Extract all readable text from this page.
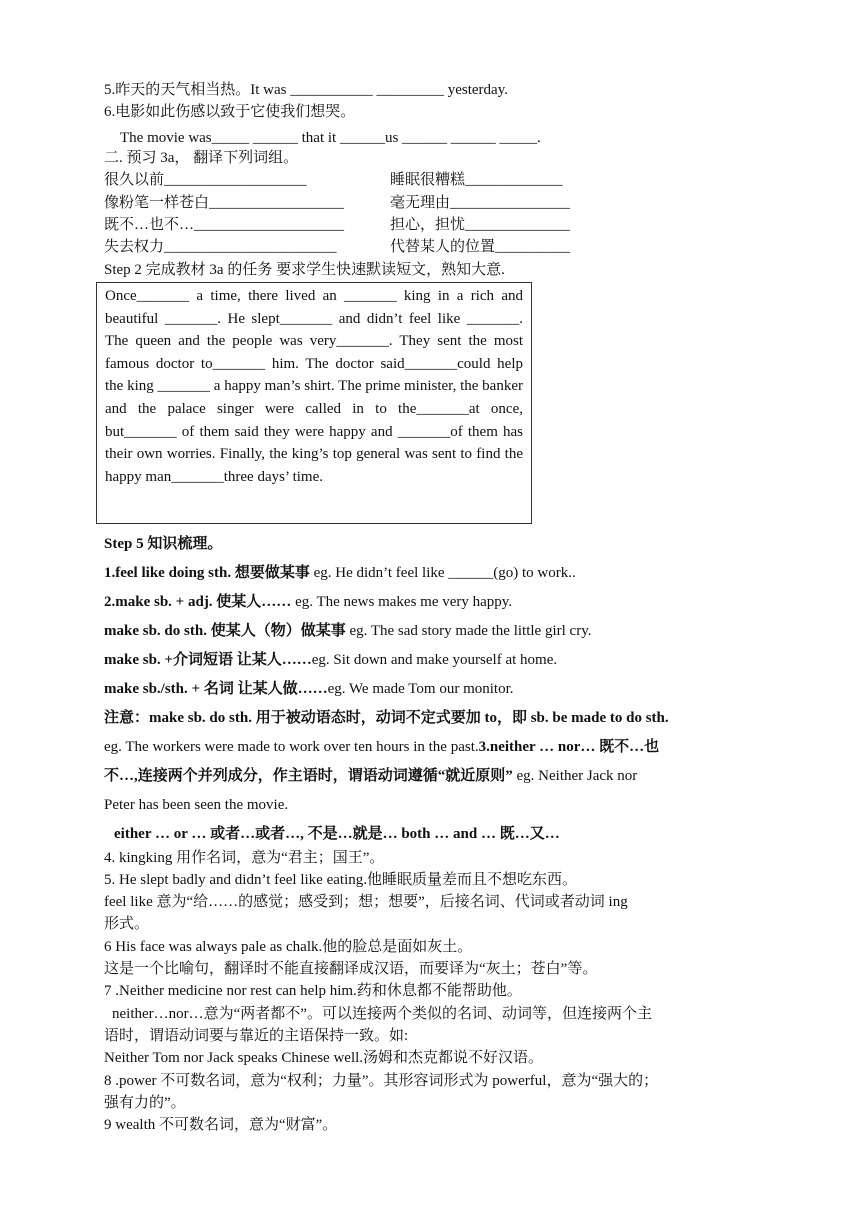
5.昨天的天气相当热。It was ___________ _________ yesterday.
6.电影如此伤感以致于它使我们想哭。
The movie was_____ ______ that it ______us ______ ______ _____.
二. 预习 3a， 翻译下列词组。
很久以前___________________	睡眠很糟糕_____________
像粉笔一样苍白__________________	毫无理由________________
既不…也不…____________________	担心，担忧______________
失去权力_______________________	代替某人的位置__________
Step 2 完成教材 3a 的任务 要求学生快速默读短文，熟知大意.
Once_______ a time, there lived an _______ king in a rich and beautiful _______. He slept_______ and didn’t feel like _______. The queen and the people was very_______. They sent the most famous doctor to_______ him. The doctor said_______could help the king _______ a happy man’s shirt. The prime minister, the banker and the palace singer were called in to the_______at once, but_______ of them said they were happy and _______of them has their own worries. Finally, the king’s top general was sent to find the happy man_______three days’ time.
Step 5 知识梳理。
1.feel like doing sth. 想要做某事 eg. He didn’t feel like ______(go) to work..
2.make sb. + adj. 使某人…… eg. The news makes me very happy.
make sb. do sth. 使某人（物）做某事 eg. The sad story made the little girl cry.
make sb. +介词短语 让某人……eg. Sit down and make yourself at home.
make sb./sth. + 名词 让某人做……eg. We made Tom our monitor.
注意：make sb. do sth. 用于被动语态时，动词不定式要加 to，即 sb. be made to do sth.
eg. The workers were made to work over ten hours in the past.3.neither … nor… 既不…也
不…,连接两个并列成分，作主语时，谓语动词遵循“就近原则” eg. Neither Jack nor
Peter has been seen the movie.
either … or … 或者…或者…, 不是…就是… both … and … 既…又…
4. kingking 用作名词，意为“君主；国王”。
5. He slept badly and didn’t feel like eating.他睡眠质量差而且不想吃东西。
feel like 意为“给……的感觉；感受到；想；想要”，后接名词、代词或者动词 ing
形式。
6 His face was always pale as chalk.他的脸总是面如灰土。
这是一个比喻句，翻译时不能直接翻译成汉语，而要译为“灰土；苍白”等。
7 .Neither medicine nor rest can help him.药和休息都不能帮助他。
neither…nor…意为“两者都不”。可以连接两个类似的名词、动词等，但连接两个主
语时，谓语动词要与靠近的主语保持一致。如:
Neither Tom nor Jack speaks Chinese well.汤姆和杰克都说不好汉语。
8 .power 不可数名词，意为“权利；力量”。其形容词形式为 powerful，意为“强大的；
强有力的”。
9 wealth 不可数名词，意为“财富”。
